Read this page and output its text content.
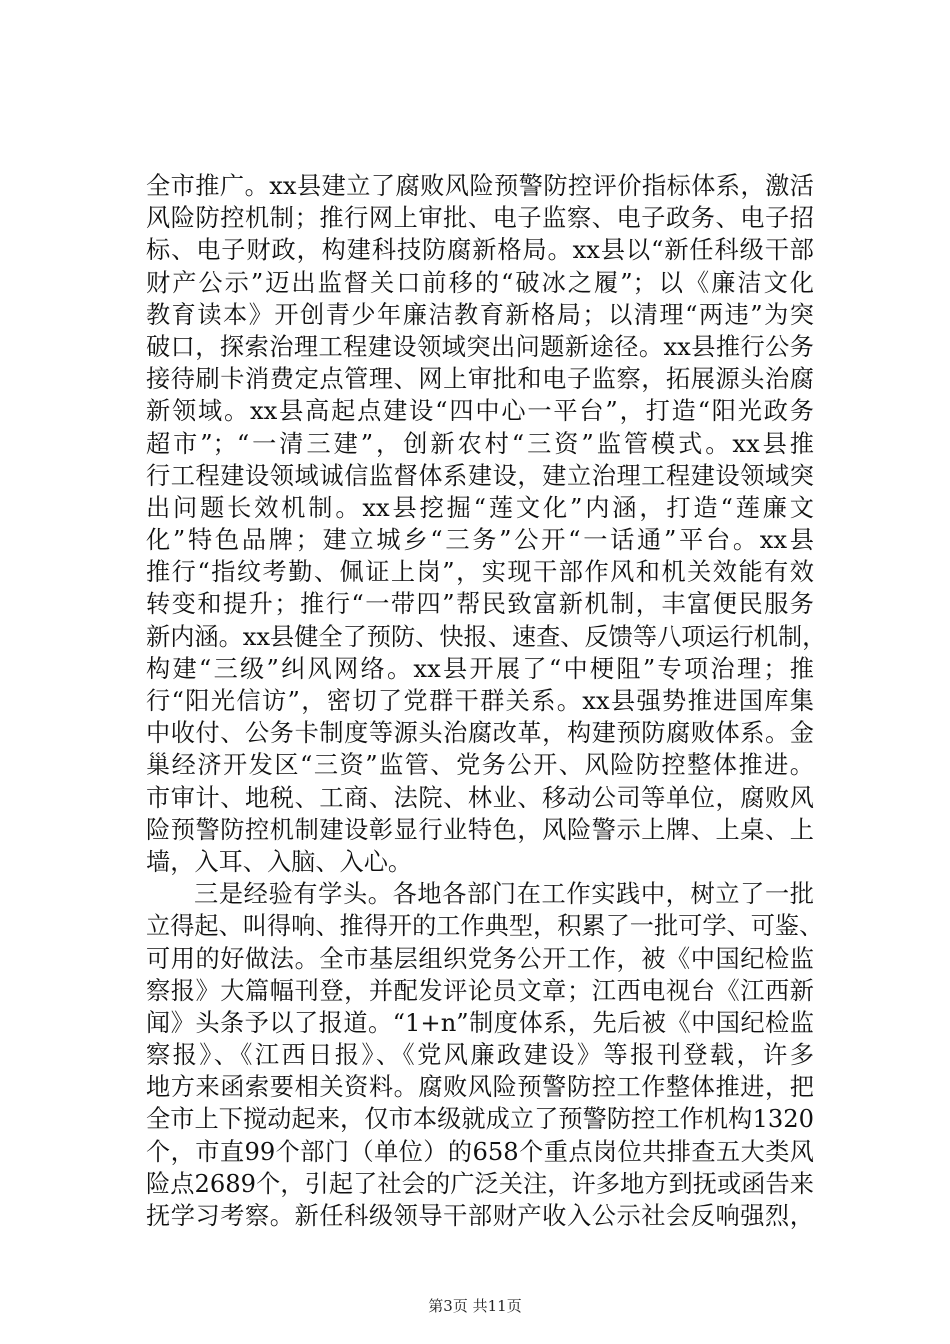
全市推广。xx县建立了腐败风险预警防控评价指标体系，激活
风险防控机制；推行网上审批、电子监察、电子政务、电子招
标、电子财政，构建科技防腐新格局。xx县以“新任科级干部
财产公示”迈出监督关口前移的“破冰之履”；以《廉洁文化
教育读本》开创青少年廉洁教育新格局；以清理“两违”为突
破口，探索治理工程建设领域突出问题新途径。xx县推行公务
接待刷卡消费定点管理、网上审批和电子监察，拓展源头治腐
新领域。xx县高起点建设“四中心一平台”，打造“阳光政务
超市”；“一清三建”，创新农村“三资”监管模式。xx县推
行工程建设领域诚信监督体系建设，建立治理工程建设领域突
出问题长效机制。xx县挖掘“莲文化”内涵，打造“莲廉文
化”特色品牌；建立城乡“三务”公开“一话通”平台。xx县
推行“指纹考勤、佩证上岗”，实现干部作风和机关效能有效
转变和提升；推行“一带四”帮民致富新机制，丰富便民服务
新内涵。xx县健全了预防、快报、速查、反馈等八项运行机制，
构建“三级”纠风网络。xx县开展了“中梗阻”专项治理；推
行“阳光信访”，密切了党群干群关系。xx县强势推进国库集
中收付、公务卡制度等源头治腐改革，构建预防腐败体系。金
巢经济开发区“三资”监管、党务公开、风险防控整体推进。
市审计、地税、工商、法院、林业、移动公司等单位，腐败风
险预警防控机制建设彰显行业特色，风险警示上牌、上桌、上
墙，入耳、入脑、入心。
三是经验有学头。各地各部门在工作实践中，树立了一批
立得起、叫得响、推得开的工作典型，积累了一批可学、可鉴、
可用的好做法。全市基层组织党务公开工作，被《中国纪检监
察报》大篇幅刊登，并配发评论员文章；江西电视台《江西新
闻》头条予以了报道。“1+n”制度体系，先后被《中国纪检监
察报》、《江西日报》、《党风廉政建设》等报刊登载，许多
地方来函索要相关资料。腐败风险预警防控工作整体推进，把
全市上下搅动起来，仅市本级就成立了预警防控工作机构1320
个，市直99个部门（单位）的658个重点岗位共排查五大类风
险点2689个，引起了社会的广泛关注，许多地方到抚或函告来
抚学习考察。新任科级领导干部财产收入公示社会反响强烈，
第3页 共11页
